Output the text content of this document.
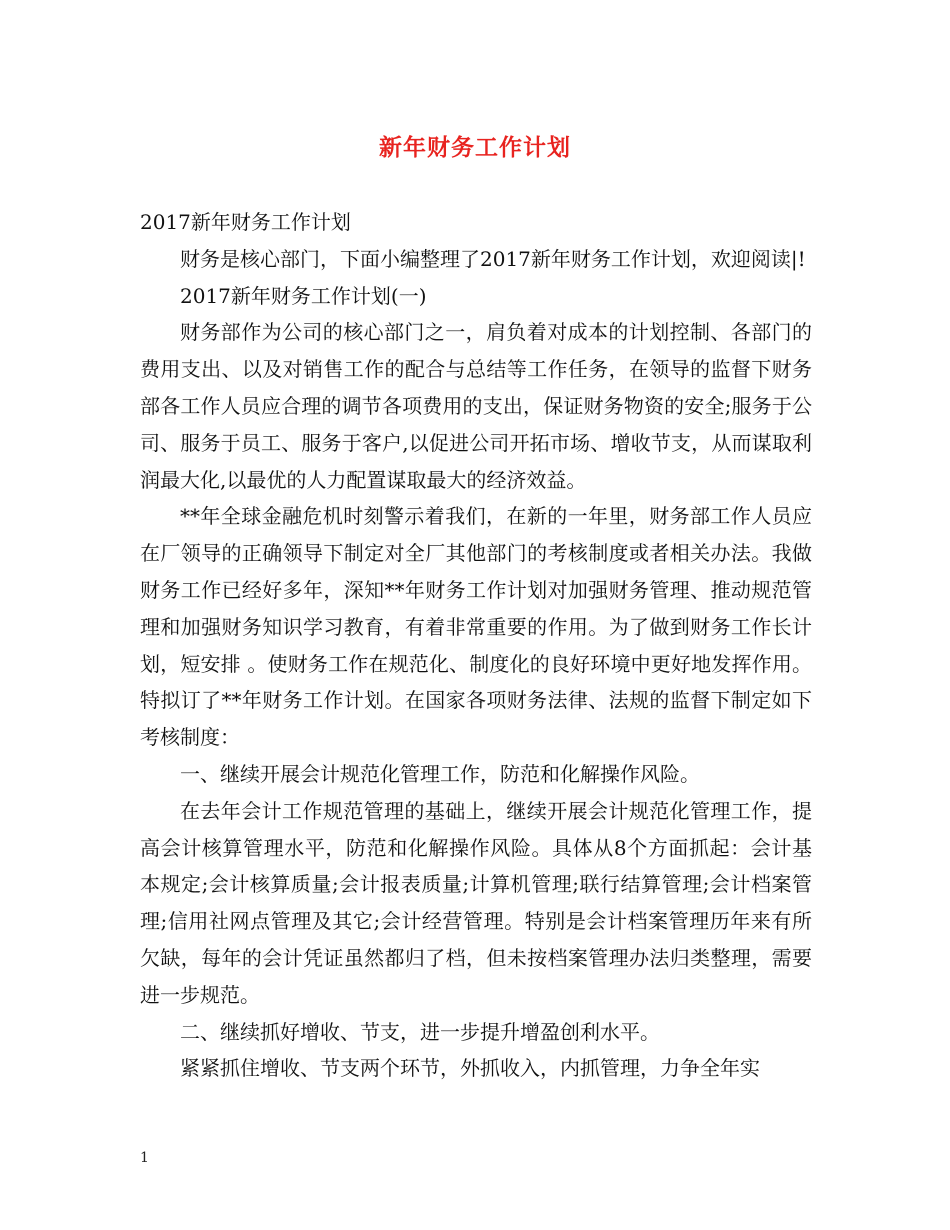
新年财务工作计划

2017新年财务工作计划

财务是核心部门，下面小编整理了2017新年财务工作计划，欢迎阅读|!

2017新年财务工作计划(一)

财务部作为公司的核心部门之一，肩负着对成本的计划控制、各部门的费用支出、以及对销售工作的配合与总结等工作任务，在领导的监督下财务部各工作人员应合理的调节各项费用的支出，保证财务物资的安全;服务于公司、服务于员工、服务于客户,以促进公司开拓市场、增收节支，从而谋取利润最大化,以最优的人力配置谋取最大的经济效益。

**年全球金融危机时刻警示着我们，在新的一年里，财务部工作人员应在厂领导的正确领导下制定对全厂其他部门的考核制度或者相关办法。我做财务工作已经好多年，深知**年财务工作计划对加强财务管理、推动规范管理和加强财务知识学习教育，有着非常重要的作用。为了做到财务工作长计划，短安排 。使财务工作在规范化、制度化的良好环境中更好地发挥作用。特拟订了**年财务工作计划。在国家各项财务法律、法规的监督下制定如下考核制度：

一、继续开展会计规范化管理工作，防范和化解操作风险。

在去年会计工作规范管理的基础上，继续开展会计规范化管理工作，提高会计核算管理水平，防范和化解操作风险。具体从8个方面抓起：会计基本规定;会计核算质量;会计报表质量;计算机管理;联行结算管理;会计档案管理;信用社网点管理及其它;会计经营管理。特别是会计档案管理历年来有所欠缺，每年的会计凭证虽然都归了档，但未按档案管理办法归类整理，需要进一步规范。

二、继续抓好增收、节支，进一步提升增盈创利水平。

紧紧抓住增收、节支两个环节，外抓收入，内抓管理，力争全年实

1
